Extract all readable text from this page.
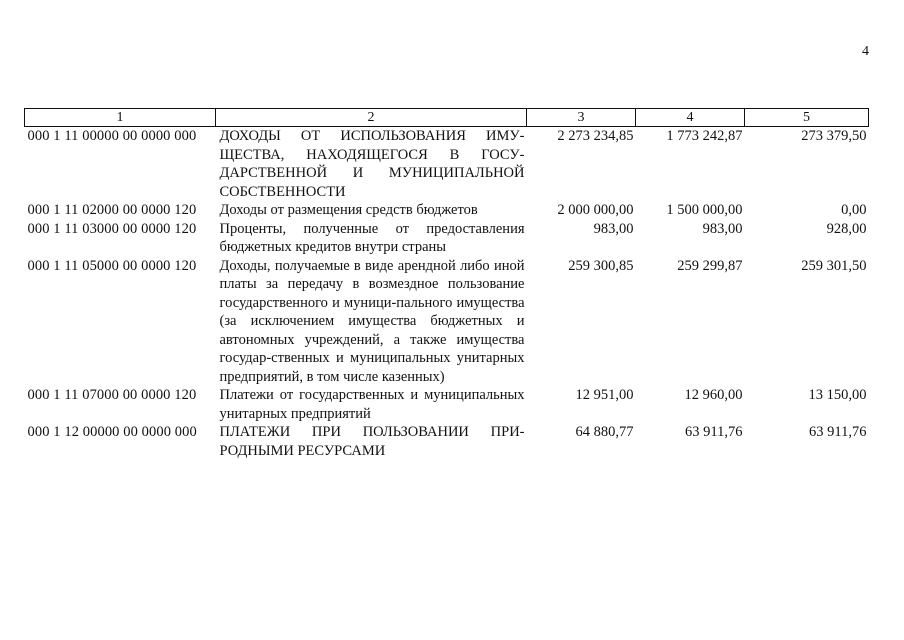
4
1	2	3	4	5
000 1 11 00000 00 0000 000	ДОХОДЫ ОТ ИСПОЛЬЗОВАНИЯ ИМУ-ЩЕСТВА, НАХОДЯЩЕГОСЯ В ГОСУ-ДАРСТВЕННОЙ И МУНИЦИПАЛЬНОЙ СОБСТВЕННОСТИ	2 273 234,85	1 773 242,87	273 379,50
000 1 11 02000 00 0000 120	Доходы от размещения средств бюджетов	2 000 000,00	1 500 000,00	0,00
000 1 11 03000 00 0000 120	Проценты, полученные от предоставления бюджетных кредитов внутри страны	983,00	983,00	928,00
000 1 11 05000 00 0000 120	Доходы, получаемые в виде арендной либо иной платы за передачу в возмездное пользование государственного и муници-пального имущества (за исключением имущества бюджетных и автономных учреждений, а также имущества государ-ственных и муниципальных унитарных предприятий, в том числе казенных)	259 300,85	259 299,87	259 301,50
000 1 11 07000 00 0000 120	Платежи от государственных и муниципальных унитарных предприятий	12 951,00	12 960,00	13 150,00
000 1 12 00000 00 0000 000	ПЛАТЕЖИ ПРИ ПОЛЬЗОВАНИИ ПРИ-РОДНЫМИ РЕСУРСАМИ	64 880,77	63 911,76	63 911,76
